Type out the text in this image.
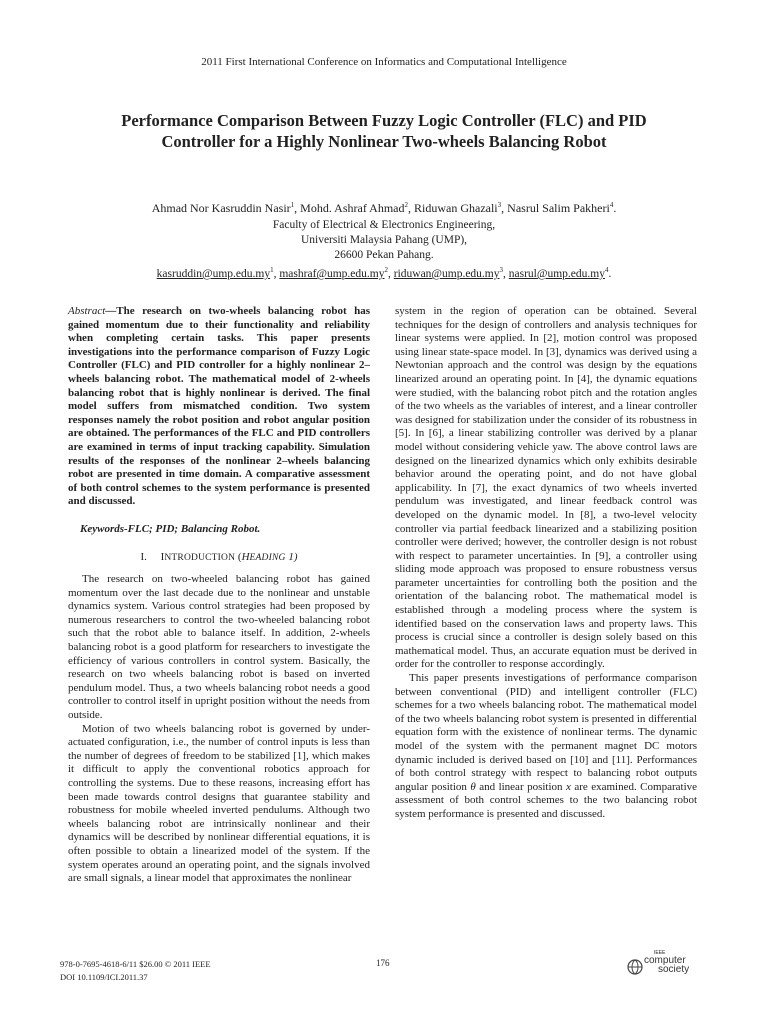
2011 First International Conference on Informatics and Computational Intelligence
Performance Comparison Between Fuzzy Logic Controller (FLC) and PID
Controller for a Highly Nonlinear Two-wheels Balancing Robot
Ahmad Nor Kasruddin Nasir$^1$, Mohd. Ashraf Ahmad$^2$, Riduwan Ghazali$^3$, Nasrul Salim Pakheri$^4$.
Faculty of Electrical & Electronics Engineering,
Universiti Malaysia Pahang (UMP),
26600 Pekan Pahang.
$kasruddin@ump.edu.my^1$, $mashraf@ump.edu.my^2$, $riduwan@ump.edu.my^3$, $nasrul@ump.edu.my^4$.

Abstract—The research on two-wheels balancing robot has gained momentum due to their functionality and reliability when completing certain tasks. This paper presents investigations into the performance comparison of Fuzzy Logic Controller (FLC) and PID controller for a highly nonlinear 2–wheels balancing robot. The mathematical model of 2-wheels balancing robot that is highly nonlinear is derived. The final model suffers from mismatched condition. Two system responses namely the robot position and robot angular position are obtained. The performances of the FLC and PID controllers are examined in terms of input tracking capability. Simulation results of the responses of the nonlinear 2–wheels balancing robot are presented in time domain. A comparative assessment of both control schemes to the system performance is presented and discussed.

Keywords-FLC; PID; Balancing Robot.

I. INTRODUCTION (HEADING 1)

The research on two-wheeled balancing robot has gained momentum over the last decade due to the nonlinear and unstable dynamics system. Various control strategies had been proposed by numerous researchers to control the two-wheeled balancing robot such that the robot able to balance itself. In addition, 2-wheels balancing robot is a good platform for researchers to investigate the efficiency of various controllers in control system. Basically, the research on two wheels balancing robot is based on inverted pendulum model. Thus, a two wheels balancing robot needs a good controller to control itself in upright position without the needs from outside.

Motion of two wheels balancing robot is governed by under-actuated configuration, i.e., the number of control inputs is less than the number of degrees of freedom to be stabilized [1], which makes it difficult to apply the conventional robotics approach for controlling the systems. Due to these reasons, increasing effort has been made towards control designs that guarantee stability and robustness for mobile wheeled inverted pendulums. Although two wheels balancing robot are intrinsically nonlinear and their dynamics will be described by nonlinear differential equations, it is often possible to obtain a linearized model of the system. If the system operates around an operating point, and the signals involved are small signals, a linear model that approximates the nonlinear

system in the region of operation can be obtained. Several techniques for the design of controllers and analysis techniques for linear systems were applied. In [2], motion control was proposed using linear state-space model. In [3], dynamics was derived using a Newtonian approach and the control was design by the equations linearized around an operating point. In [4], the dynamic equations were studied, with the balancing robot pitch and the rotation angles of the two wheels as the variables of interest, and a linear controller was designed for stabilization under the consider of its robustness in [5]. In [6], a linear stabilizing controller was derived by a planar model without considering vehicle yaw. The above control laws are designed on the linearized dynamics which only exhibits desirable behavior around the operating point, and do not have global applicability. In [7], the exact dynamics of two wheels inverted pendulum was investigated, and linear feedback control was developed on the dynamic model. In [8], a two-level velocity controller via partial feedback linearized and a stabilizing position controller were derived; however, the controller design is not robust with respect to parameter uncertainties. In [9], a controller using sliding mode approach was proposed to ensure robustness versus parameter uncertainties for controlling both the position and the orientation of the balancing robot. The mathematical model is established through a modeling process where the system is identified based on the conservation laws and property laws. This process is crucial since a controller is design solely based on this mathematical model. Thus, an accurate equation must be derived in order for the controller to response accordingly.

This paper presents investigations of performance comparison between conventional (PID) and intelligent controller (FLC) schemes for a two wheels balancing robot. The mathematical model of the two wheels balancing robot system is presented in differential equation form with the existence of nonlinear terms. The dynamic model of the system with the permanent magnet DC motors dynamic included is derived based on [10] and [11]. Performances of both control strategy with respect to balancing robot outputs angular position θ and linear position x are examined. Comparative assessment of both control schemes to the two balancing robot system performance is presented and discussed.

978-0-7695-4618-6/11 $26.00 © 2011 IEEE
DOI 10.1109/ICI.2011.37
176
IEEE
computer
society
